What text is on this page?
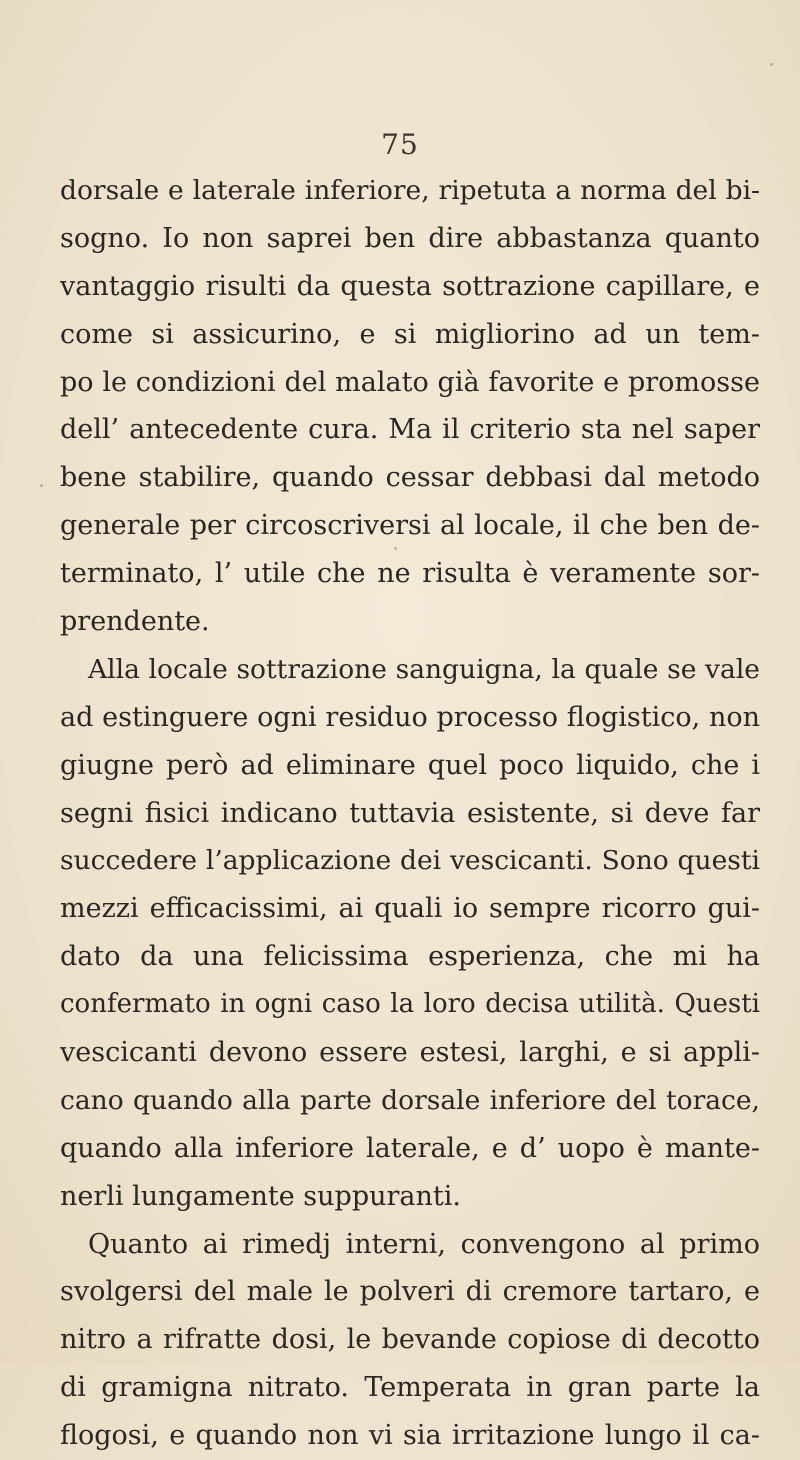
75
dorsale e laterale inferiore, ripetuta a norma del bi-
sogno. Io non saprei ben dire abbastanza quanto
vantaggio risulti da questa sottrazione capillare, e
come si assicurino, e si migliorino ad un tem-
po le condizioni del malato già favorite e promosse
dell’ antecedente cura. Ma il criterio sta nel saper
bene stabilire, quando cessar debbasi dal metodo
generale per circoscriversi al locale, il che ben de-
terminato, l’ utile che ne risulta è veramente sor-
prendente.
Alla locale sottrazione sanguigna, la quale se vale
ad estinguere ogni residuo processo flogistico, non
giugne però ad eliminare quel poco liquido, che i
segni fisici indicano tuttavia esistente, si deve far
succedere l’applicazione dei vescicanti. Sono questi
mezzi efficacissimi, ai quali io sempre ricorro gui-
dato da una felicissima esperienza, che mi ha
confermato in ogni caso la loro decisa utilità. Questi
vescicanti devono essere estesi, larghi, e si appli-
cano quando alla parte dorsale inferiore del torace,
quando alla inferiore laterale, e d’ uopo è mante-
nerli lungamente suppuranti.
Quanto ai rimedj interni, convengono al primo
svolgersi del male le polveri di cremore tartaro, e
nitro a rifratte dosi, le bevande copiose di decotto
di gramigna nitrato. Temperata in gran parte la
flogosi, e quando non vi sia irritazione lungo il ca-
